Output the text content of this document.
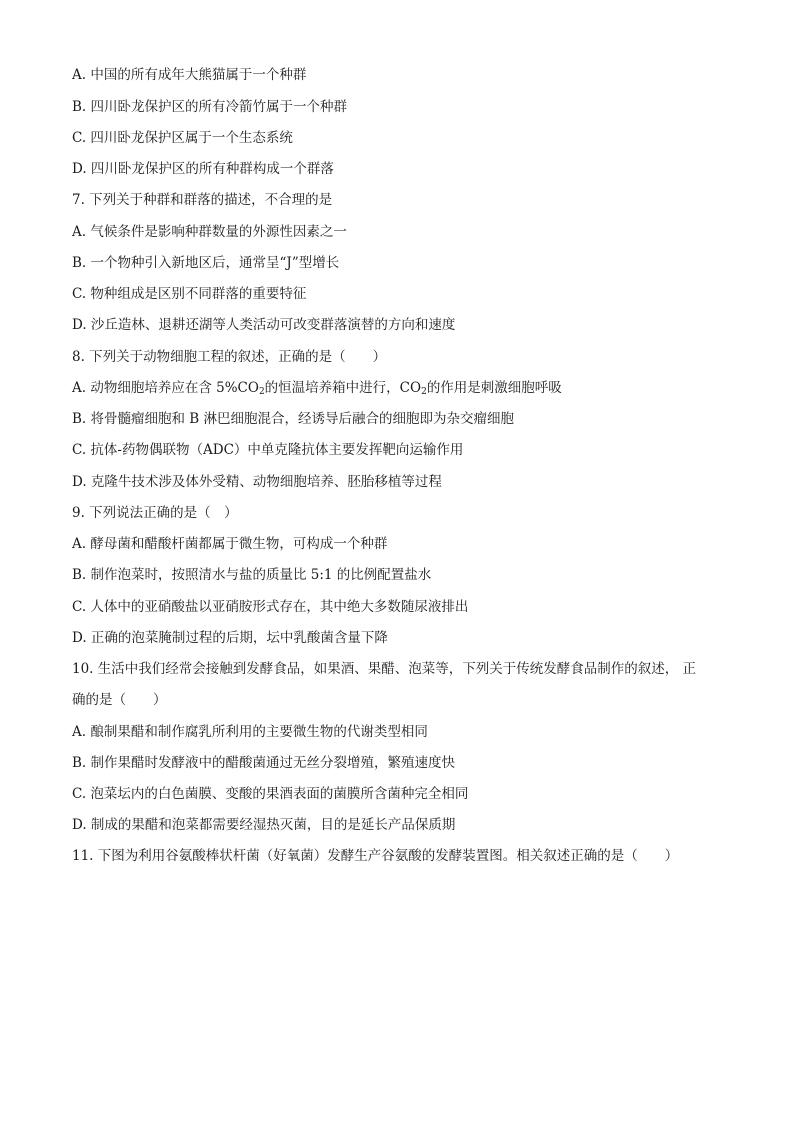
A. 中国的所有成年大熊猫属于一个种群
B. 四川卧龙保护区的所有冷箭竹属于一个种群
C. 四川卧龙保护区属于一个生态系统
D. 四川卧龙保护区的所有种群构成一个群落
7. 下列关于种群和群落的描述，不合理的是
A. 气候条件是影响种群数量的外源性因素之一
B. 一个物种引入新地区后，通常呈“J”型增长
C. 物种组成是区别不同群落的重要特征
D. 沙丘造林、退耕还湖等人类活动可改变群落演替的方向和速度
8. 下列关于动物细胞工程的叙述，正确的是（　　）
A. 动物细胞培养应在含 $5\%CO_2$的恒温培养箱中进行，$CO_2$的作用是刺激细胞呼吸
B. 将骨髓瘤细胞和 B 淋巴细胞混合，经诱导后融合的细胞即为杂交瘤细胞
C. 抗体-药物偶联物（ADC）中单克隆抗体主要发挥靶向运输作用
D. 克隆牛技术涉及体外受精、动物细胞培养、胚胎移植等过程
9. 下列说法正确的是（　）
A. 酵母菌和醋酸杆菌都属于微生物，可构成一个种群
B. 制作泡菜时，按照清水与盐的质量比 5:1 的比例配置盐水
C. 人体中的亚硝酸盐以亚硝胺形式存在，其中绝大多数随尿液排出
D. 正确的泡菜腌制过程的后期，坛中乳酸菌含量下降
10. 生活中我们经常会接触到发酵食品，如果酒、果醋、泡菜等，下列关于传统发酵食品制作的叙述， 正
确的是（　　）
A. 酿制果醋和制作腐乳所利用的主要微生物的代谢类型相同
B. 制作果醋时发酵液中的醋酸菌通过无丝分裂增殖，繁殖速度快
C. 泡菜坛内的白色菌膜、变酸的果酒表面的菌膜所含菌种完全相同
D. 制成的果醋和泡菜都需要经湿热灭菌，目的是延长产品保质期
11. 下图为利用谷氨酸棒状杆菌（好氧菌）发酵生产谷氨酸的发酵装置图。相关叙述正确的是（　　）
